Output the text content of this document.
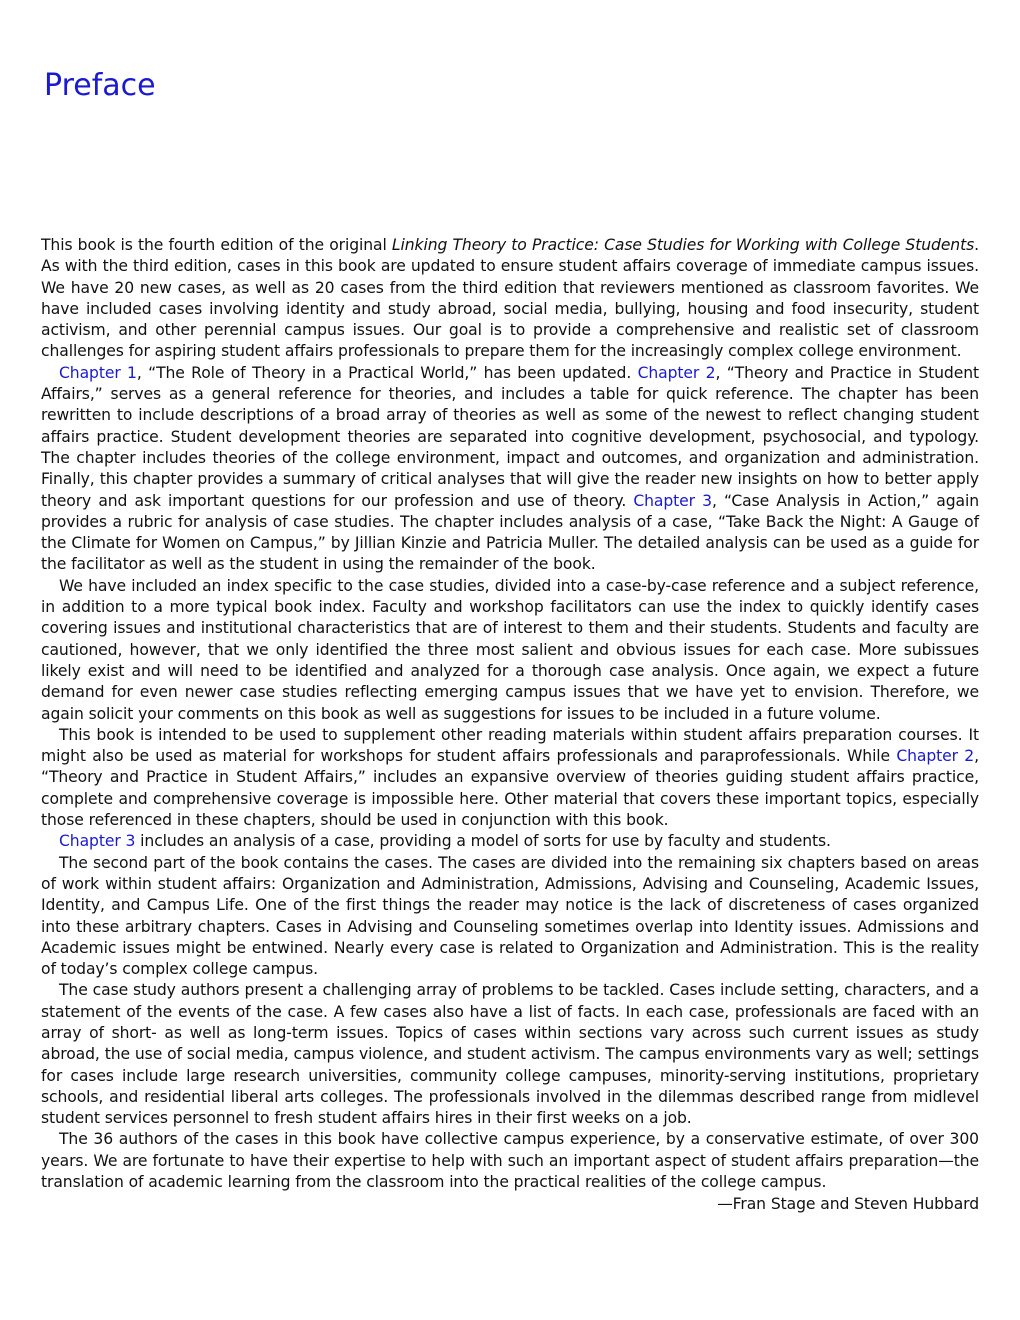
Preface

This book is the fourth edition of the original Linking Theory to Practice: Case Studies for Working with College Students. As with the third edition, cases in this book are updated to ensure student affairs coverage of immediate campus issues. We have 20 new cases, as well as 20 cases from the third edition that reviewers mentioned as classroom favorites. We have included cases involving identity and study abroad, social media, bullying, housing and food insecurity, student activism, and other perennial campus issues. Our goal is to provide a comprehensive and realistic set of classroom challenges for aspiring student affairs professionals to prepare them for the increasingly complex college environment.

Chapter 1, “The Role of Theory in a Practical World,” has been updated. Chapter 2, “Theory and Practice in Student Affairs,” serves as a general reference for theories, and includes a table for quick reference. The chapter has been rewritten to include descriptions of a broad array of theories as well as some of the newest to reflect changing student affairs practice. Student development theories are separated into cognitive development, psychosocial, and typology. The chapter includes theories of the college environment, impact and outcomes, and organization and administration. Finally, this chapter provides a summary of critical analyses that will give the reader new insights on how to better apply theory and ask important questions for our profession and use of theory. Chapter 3, “Case Analysis in Action,” again provides a rubric for analysis of case studies. The chapter includes analysis of a case, “Take Back the Night: A Gauge of the Climate for Women on Campus,” by Jillian Kinzie and Patricia Muller. The detailed analysis can be used as a guide for the facilitator as well as the student in using the remainder of the book.

We have included an index specific to the case studies, divided into a case-by-case reference and a subject reference, in addition to a more typical book index. Faculty and workshop facilitators can use the index to quickly identify cases covering issues and institutional characteristics that are of interest to them and their students. Students and faculty are cautioned, however, that we only identified the three most salient and obvious issues for each case. More subissues likely exist and will need to be identified and analyzed for a thorough case analysis. Once again, we expect a future demand for even newer case studies reflecting emerging campus issues that we have yet to envision. Therefore, we again solicit your comments on this book as well as suggestions for issues to be included in a future volume.

This book is intended to be used to supplement other reading materials within student affairs preparation courses. It might also be used as material for workshops for student affairs professionals and paraprofessionals. While Chapter 2, “Theory and Practice in Student Affairs,” includes an expansive overview of theories guiding student affairs practice, complete and comprehensive coverage is impossible here. Other material that covers these important topics, especially those referenced in these chapters, should be used in conjunction with this book.

Chapter 3 includes an analysis of a case, providing a model of sorts for use by faculty and students.

The second part of the book contains the cases. The cases are divided into the remaining six chapters based on areas of work within student affairs: Organization and Administration, Admissions, Advising and Counseling, Academic Issues, Identity, and Campus Life. One of the first things the reader may notice is the lack of discreteness of cases organized into these arbitrary chapters. Cases in Advising and Counseling sometimes overlap into Identity issues. Admissions and Academic issues might be entwined. Nearly every case is related to Organization and Administration. This is the reality of today’s complex college campus.

The case study authors present a challenging array of problems to be tackled. Cases include setting, characters, and a statement of the events of the case. A few cases also have a list of facts. In each case, professionals are faced with an array of short- as well as long-term issues. Topics of cases within sections vary across such current issues as study abroad, the use of social media, campus violence, and student activism. The campus environments vary as well; settings for cases include large research universities, community college campuses, minority-serving institutions, proprietary schools, and residential liberal arts colleges. The professionals involved in the dilemmas described range from midlevel student services personnel to fresh student affairs hires in their first weeks on a job.

The 36 authors of the cases in this book have collective campus experience, by a conservative estimate, of over 300 years. We are fortunate to have their expertise to help with such an important aspect of student affairs preparation—the translation of academic learning from the classroom into the practical realities of the college campus.

—Fran Stage and Steven Hubbard
